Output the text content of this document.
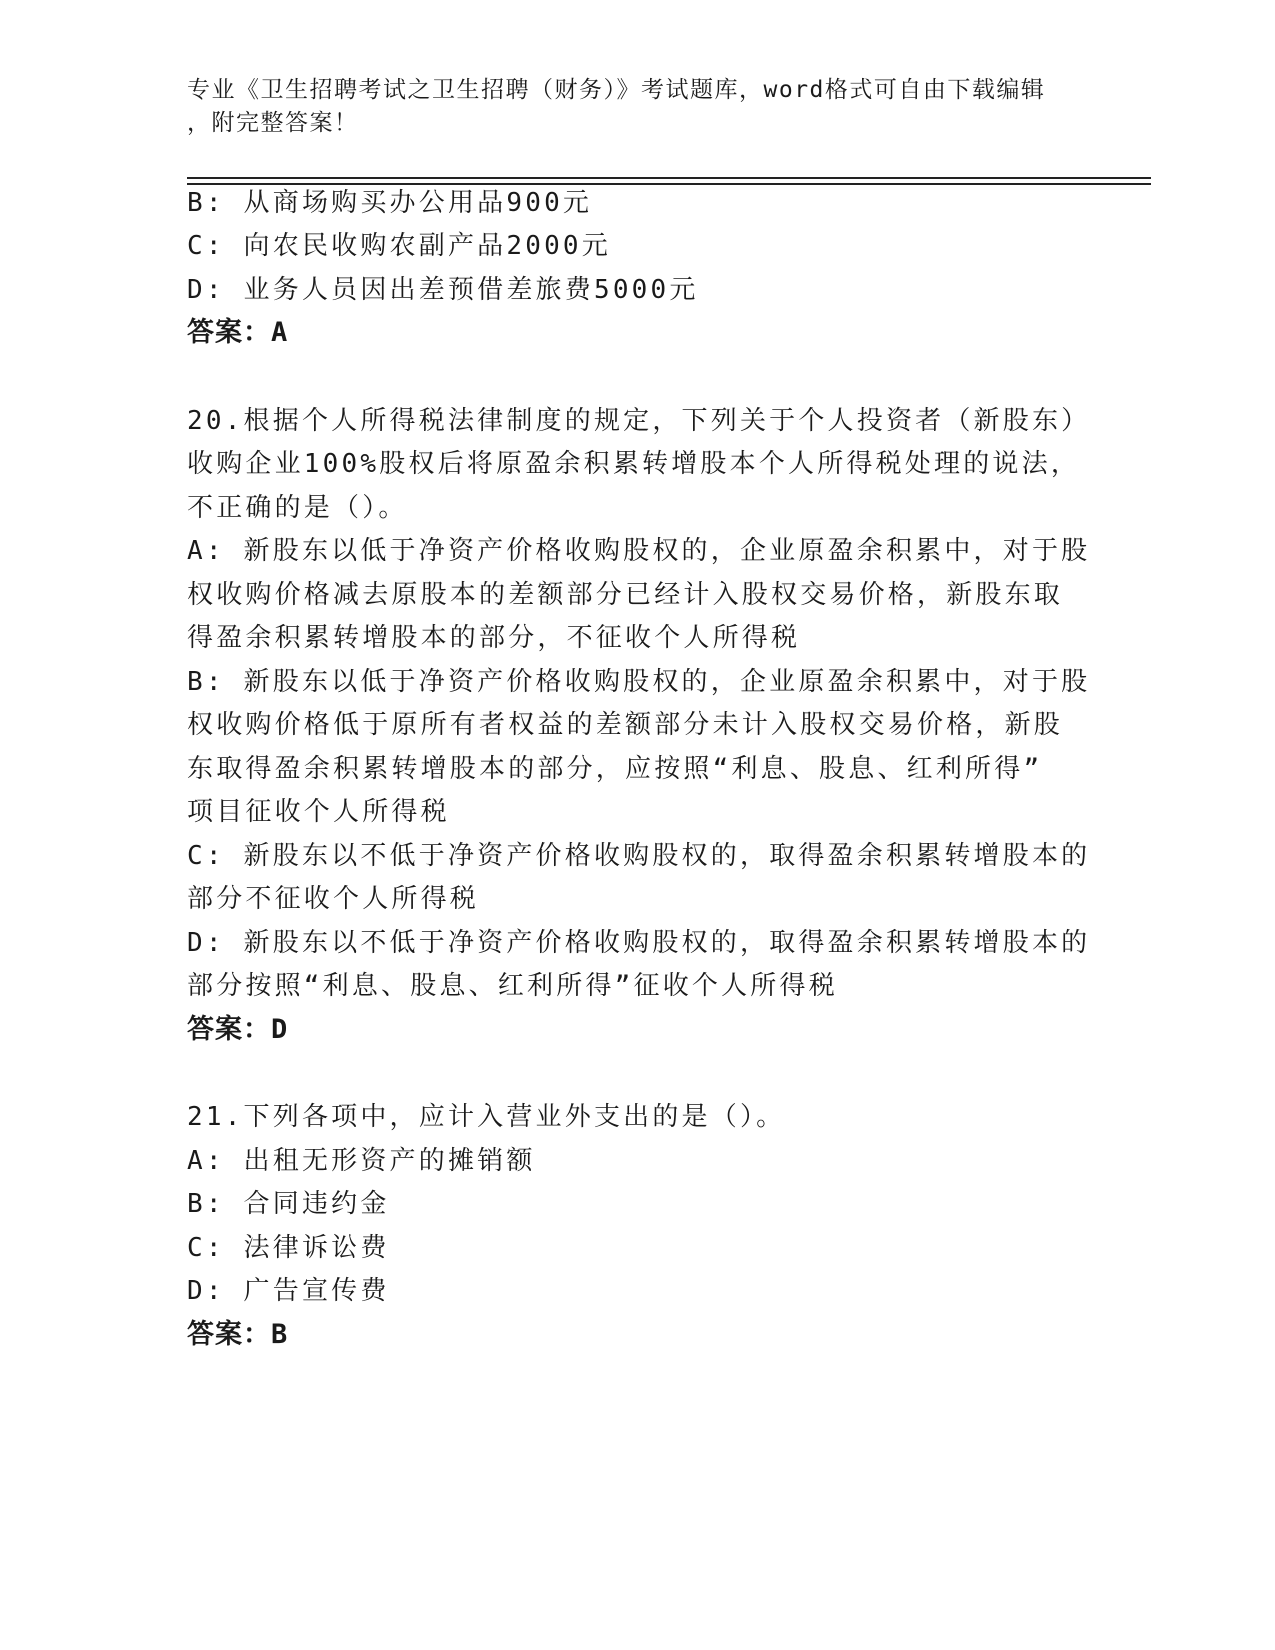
专业《卫生招聘考试之卫生招聘（财务）》考试题库，word格式可自由下载编辑
，附完整答案！
B: 从商场购买办公用品900元
C: 向农民收购农副产品2000元
D: 业务人员因出差预借差旅费5000元
答案：A
20.根据个人所得税法律制度的规定，下列关于个人投资者（新股东）
收购企业100%股权后将原盈余积累转增股本个人所得税处理的说法，
不正确的是（）。
A: 新股东以低于净资产价格收购股权的，企业原盈余积累中，对于股
权收购价格减去原股本的差额部分已经计入股权交易价格，新股东取
得盈余积累转增股本的部分，不征收个人所得税
B: 新股东以低于净资产价格收购股权的，企业原盈余积累中，对于股
权收购价格低于原所有者权益的差额部分未计入股权交易价格，新股
东取得盈余积累转增股本的部分，应按照“利息、股息、红利所得”
项目征收个人所得税
C: 新股东以不低于净资产价格收购股权的，取得盈余积累转增股本的
部分不征收个人所得税
D: 新股东以不低于净资产价格收购股权的，取得盈余积累转增股本的
部分按照“利息、股息、红利所得”征收个人所得税
答案：D
21.下列各项中，应计入营业外支出的是（）。
A: 出租无形资产的摊销额
B: 合同违约金
C: 法律诉讼费
D: 广告宣传费
答案：B
